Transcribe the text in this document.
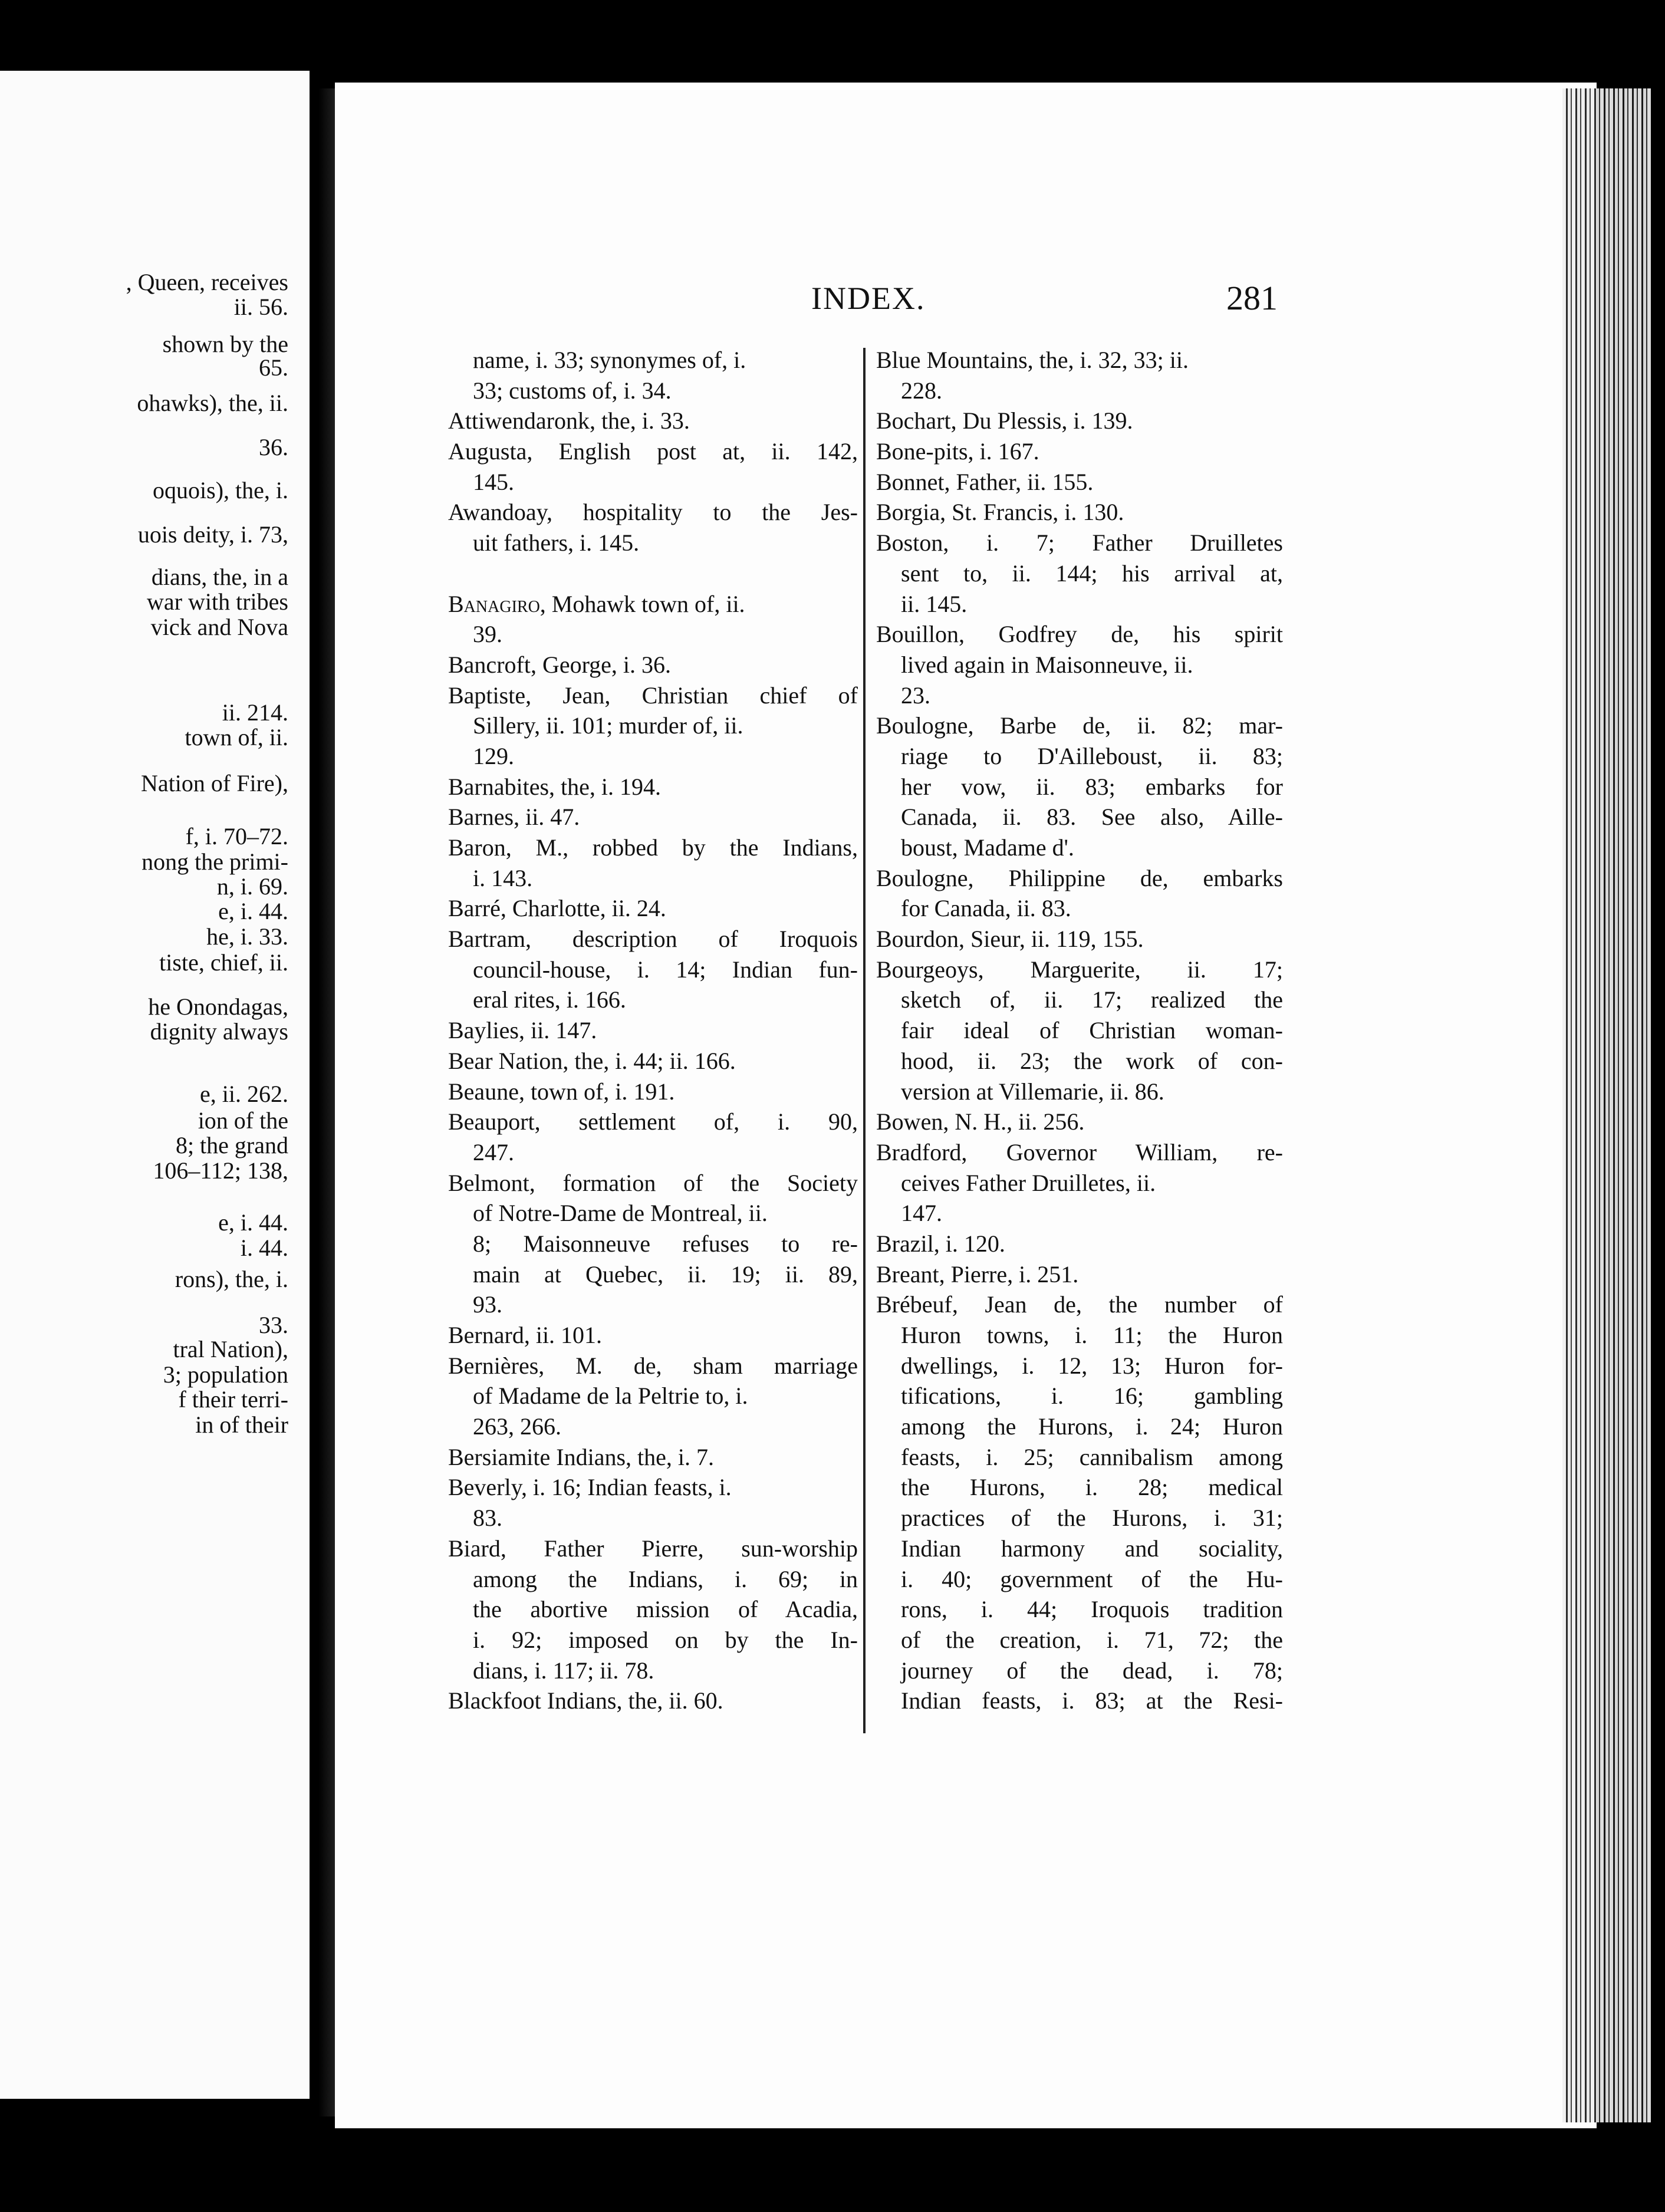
, Queen, receives
ii. 56.
shown by the
65.
ohawks), the, ii.
36.
oquois), the, i.
uois deity, i. 73,
dians, the, in a
war with tribes
vick and Nova
ii. 214.
town of, ii.
Nation of Fire),
f, i. 70–72.
nong the primi-
n, i. 69.
e, i. 44.
he, i. 33.
tiste, chief, ii.
he Onondagas,
dignity always
e, ii. 262.
ion of the
8; the grand
106–112; 138,
e, i. 44.
i. 44.
rons), the, i.
33.
tral Nation),
3; population
f their terri-
in of their
INDEX.	281
name, i. 33; synonymes of, i.
33; customs of, i. 34.
Attiwendaronk, the, i. 33.
Augusta, English post at, ii. 142,
145.
Awandoay, hospitality to the Jes-
uit fathers, i. 145.
Banagiro, Mohawk town of, ii.
39.
Bancroft, George, i. 36.
Baptiste, Jean, Christian chief of
Sillery, ii. 101; murder of, ii.
129.
Barnabites, the, i. 194.
Barnes, ii. 47.
Baron, M., robbed by the Indians,
i. 143.
Barré, Charlotte, ii. 24.
Bartram, description of Iroquois
council-house, i. 14; Indian fun-
eral rites, i. 166.
Baylies, ii. 147.
Bear Nation, the, i. 44; ii. 166.
Beaune, town of, i. 191.
Beauport, settlement of, i. 90,
247.
Belmont, formation of the Society
of Notre-Dame de Montreal, ii.
8; Maisonneuve refuses to re-
main at Quebec, ii. 19; ii. 89,
93.
Bernard, ii. 101.
Bernières, M. de, sham marriage
of Madame de la Peltrie to, i.
263, 266.
Bersiamite Indians, the, i. 7.
Beverly, i. 16; Indian feasts, i.
83.
Biard, Father Pierre, sun-worship
among the Indians, i. 69; in
the abortive mission of Acadia,
i. 92; imposed on by the In-
dians, i. 117; ii. 78.
Blackfoot Indians, the, ii. 60.
Blue Mountains, the, i. 32, 33; ii.
228.
Bochart, Du Plessis, i. 139.
Bone-pits, i. 167.
Bonnet, Father, ii. 155.
Borgia, St. Francis, i. 130.
Boston, i. 7; Father Druilletes
sent to, ii. 144; his arrival at,
ii. 145.
Bouillon, Godfrey de, his spirit
lived again in Maisonneuve, ii.
23.
Boulogne, Barbe de, ii. 82; mar-
riage to D'Ailleboust, ii. 83;
her vow, ii. 83; embarks for
Canada, ii. 83. See also, Aille-
boust, Madame d'.
Boulogne, Philippine de, embarks
for Canada, ii. 83.
Bourdon, Sieur, ii. 119, 155.
Bourgeoys, Marguerite, ii. 17;
sketch of, ii. 17; realized the
fair ideal of Christian woman-
hood, ii. 23; the work of con-
version at Villemarie, ii. 86.
Bowen, N. H., ii. 256.
Bradford, Governor William, re-
ceives Father Druilletes, ii.
147.
Brazil, i. 120.
Breant, Pierre, i. 251.
Brébeuf, Jean de, the number of
Huron towns, i. 11; the Huron
dwellings, i. 12, 13; Huron for-
tifications, i. 16; gambling
among the Hurons, i. 24; Huron
feasts, i. 25; cannibalism among
the Hurons, i. 28; medical
practices of the Hurons, i. 31;
Indian harmony and sociality,
i. 40; government of the Hu-
rons, i. 44; Iroquois tradition
of the creation, i. 71, 72; the
journey of the dead, i. 78;
Indian feasts, i. 83; at the Resi-
